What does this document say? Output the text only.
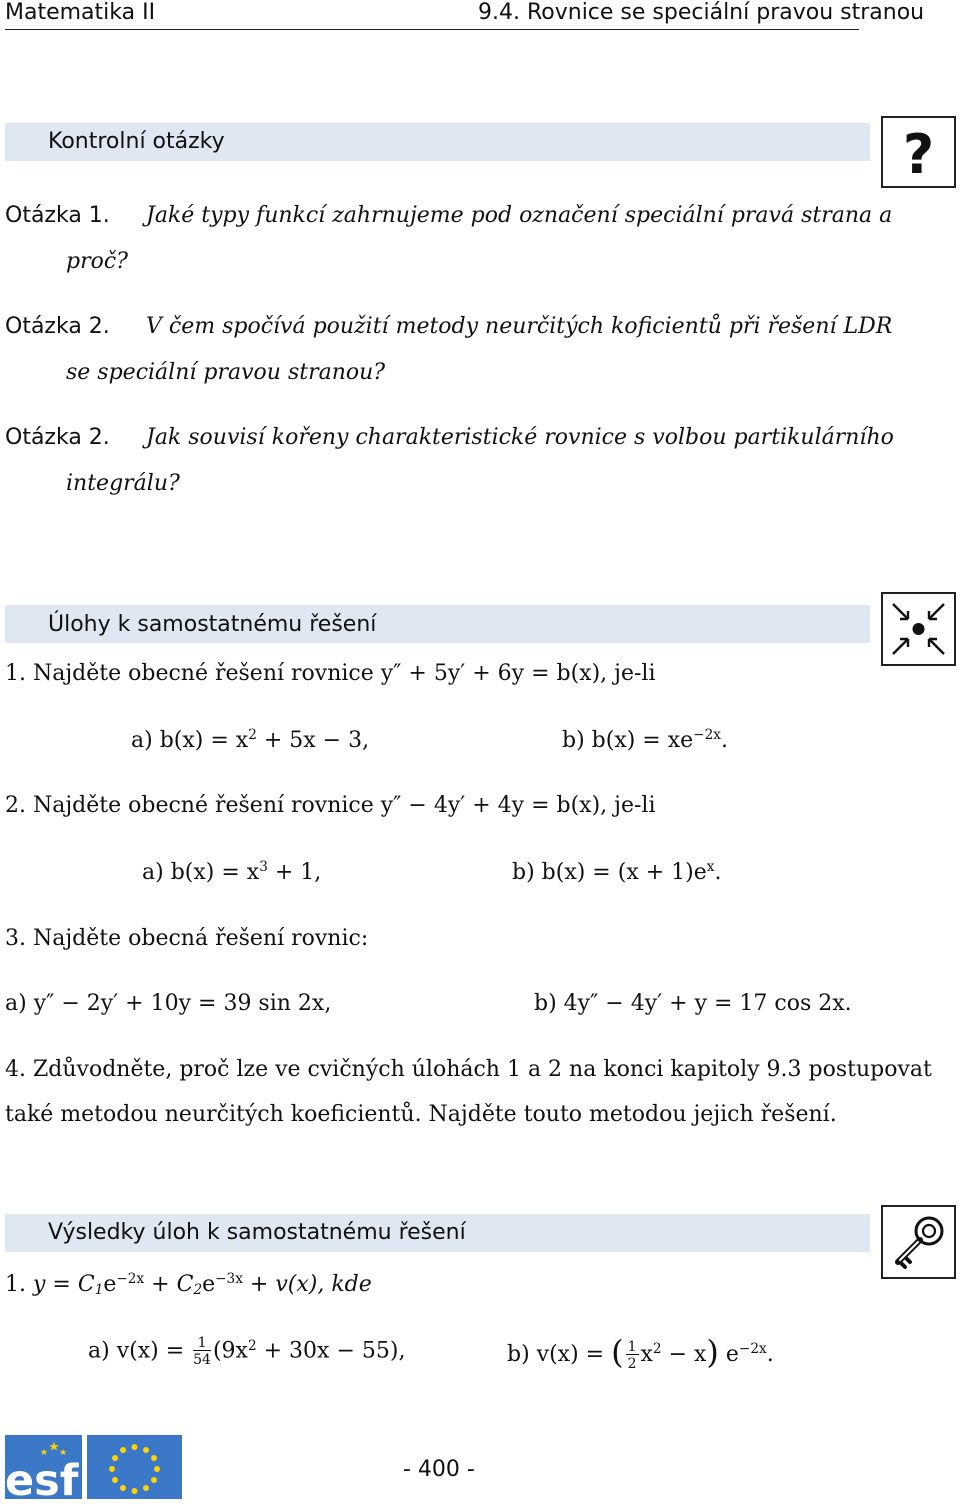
Matematika II	9.4. Rovnice se speciální pravou stranou
Kontrolní otázky	?
Otázka 1. Jaké typy funkcí zahrnujeme pod označení speciální pravá strana a
proč?
Otázka 2. V čem spočívá použití metody neurčitých koficientů při řešení LDR
se speciální pravou stranou?
Otázka 2. Jak souvisí kořeny charakteristické rovnice s volbou partikulárního
integrálu?
Úlohy k samostatnému řešení
1. Najděte obecné řešení rovnice y″ + 5y′ + 6y = b(x), je-li
a) $b(x) = x^2 + 5x - 3$,	b) $b(x) = xe^{-2x}$.
2. Najděte obecné řešení rovnice y″ − 4y′ + 4y = b(x), je-li
a) $b(x) = x^3 + 1$,	b) $b(x) = (x + 1)e^x$.
3. Najděte obecná řešení rovnic:
a) y″ − 2y′ + 10y = 39 sin 2x,	b) 4y″ − 4y′ + y = 17 cos 2x.
4. Zdůvodněte, proč lze ve cvičných úlohách 1 a 2 na konci kapitoly 9.3 postupovat
také metodou neurčitých koeficientů. Najděte touto metodou jejich řešení.
Výsledky úloh k samostatnému řešení
1. $y = C1e^{-2x} + C2e^{-3x} + v(x)$, kde
a) $v(x) = \frac{1}{54} (9x^2 + 30x - 55)$,	b) v(x) = ( $\frac{1}{2} x^2 - x$) $e^{-2x}$.
esf	- 400 -
